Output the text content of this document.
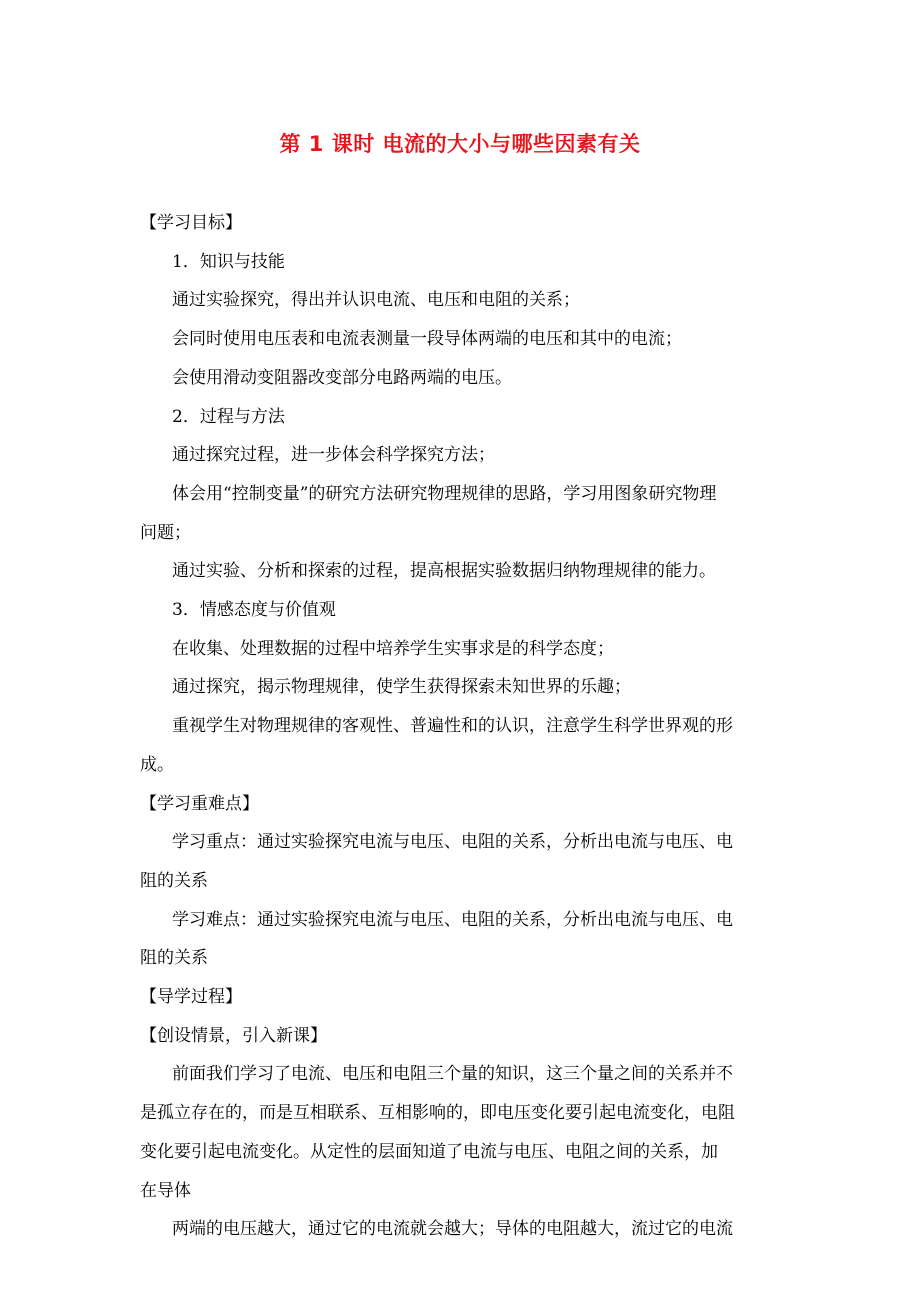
第 1 课时 电流的大小与哪些因素有关

【学习目标】

1．知识与技能

通过实验探究，得出并认识电流、电压和电阻的关系；

会同时使用电压表和电流表测量一段导体两端的电压和其中的电流；

会使用滑动变阻器改变部分电路两端的电压。

2．过程与方法

通过探究过程，进一步体会科学探究方法；

体会用“控制变量”的研究方法研究物理规律的思路，学习用图象研究物理

问题；

通过实验、分析和探索的过程，提高根据实验数据归纳物理规律的能力。

3．情感态度与价值观

在收集、处理数据的过程中培养学生实事求是的科学态度；

通过探究，揭示物理规律，使学生获得探索未知世界的乐趣；

重视学生对物理规律的客观性、普遍性和的认识，注意学生科学世界观的形

成。

【学习重难点】

学习重点：通过实验探究电流与电压、电阻的关系，分析出电流与电压、电

阻的关系

学习难点：通过实验探究电流与电压、电阻的关系，分析出电流与电压、电

阻的关系

【导学过程】

【创设情景，引入新课】

前面我们学习了电流、电压和电阻三个量的知识，这三个量之间的关系并不

是孤立存在的，而是互相联系、互相影响的，即电压变化要引起电流变化，电阻

变化要引起电流变化。从定性的层面知道了电流与电压、电阻之间的关系，加

在导体

两端的电压越大，通过它的电流就会越大；导体的电阻越大，流过它的电流
